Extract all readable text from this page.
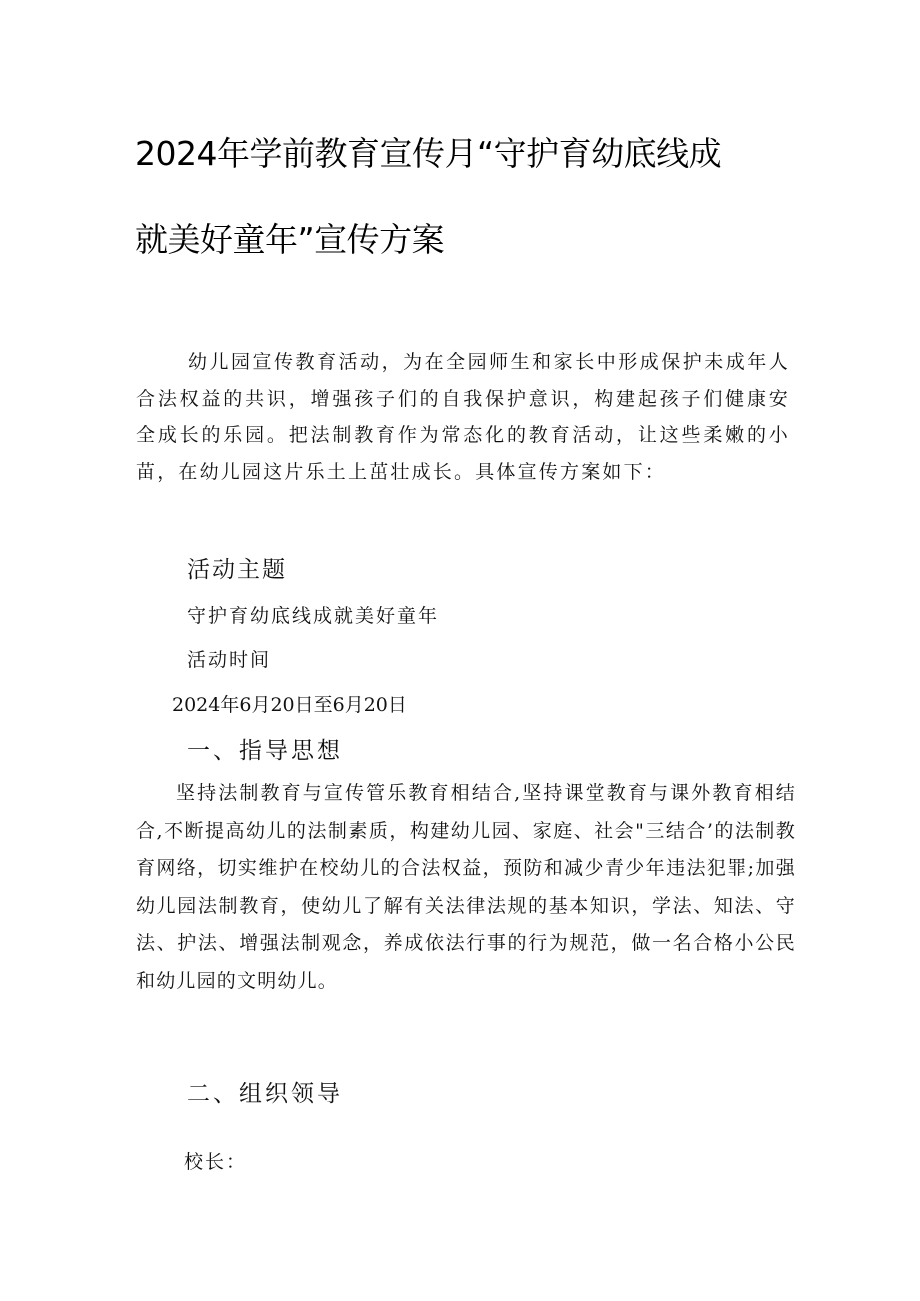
2024年学前教育宣传月“守护育幼底线成
就美好童年”宣传方案

幼儿园宣传教育活动，为在全园师生和家长中形成保护未成年人合法权益的共识，增强孩子们的自我保护意识，构建起孩子们健康安全成长的乐园。把法制教育作为常态化的教育活动，让这些柔嫩的小苗，在幼儿园这片乐土上茁壮成长。具体宣传方案如下：

活动主题
守护育幼底线成就美好童年
活动时间
2024年6月20日至6月20日
一、指导思想

坚持法制教育与宣传管乐教育相结合,坚持课堂教育与课外教育相结合,不断提高幼儿的法制素质，构建幼儿园、家庭、社会"三结合’的法制教育网络，切实维护在校幼儿的合法权益，预防和减少青少年违法犯罪;加强幼儿园法制教育，使幼儿了解有关法律法规的基本知识，学法、知法、守法、护法、增强法制观念，养成依法行事的行为规范，做一名合格小公民和幼儿园的文明幼儿。

二、组织领导
校长：
